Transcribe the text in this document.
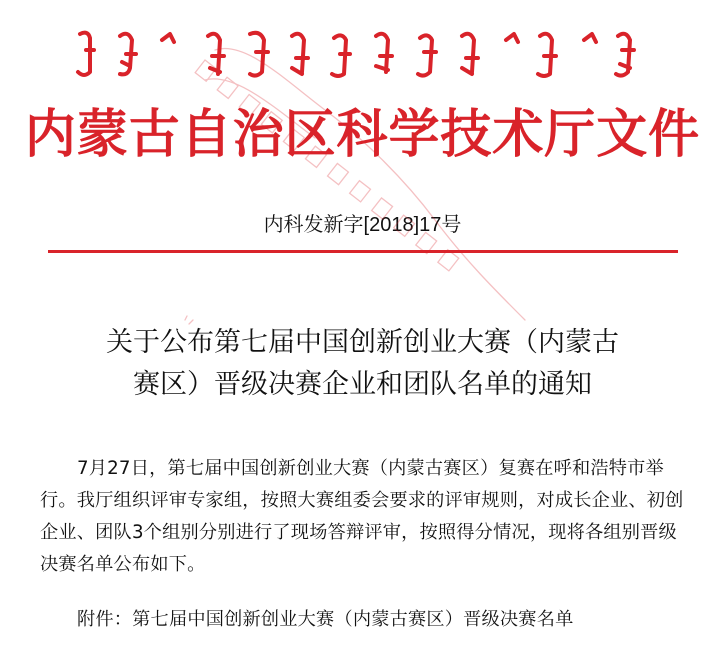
内蒙古自治区科学技术厅文件
内科发新字[2018]17号
关于公布第七届中国创新创业大赛（内蒙古
赛区）晋级决赛企业和团队名单的通知
7月27日，第七届中国创新创业大赛（内蒙古赛区）复赛在呼和浩特市举行。我厅组织评审专家组，按照大赛组委会要求的评审规则，对成长企业、初创企业、团队3个组别分别进行了现场答辩评审，按照得分情况，现将各组别晋级决赛名单公布如下。
附件：第七届中国创新创业大赛（内蒙古赛区）晋级决赛名单
